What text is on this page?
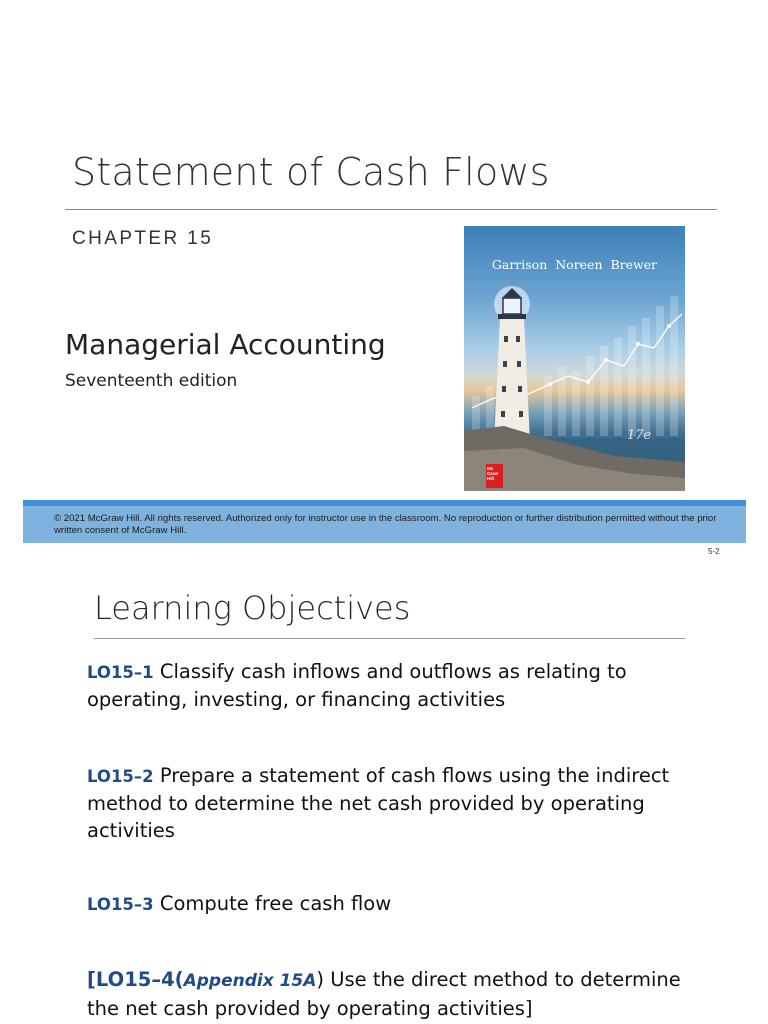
Statement of Cash Flows
CHAPTER 15
Managerial Accounting
Seventeenth edition
Garrison Noreen Brewer
17e
Mc Graw Hill
© 2021 McGraw Hill. All rights reserved. Authorized only for instructor use in the classroom. No reproduction or further distribution permitted without the prior written consent of McGraw Hill.
5-2
Learning Objectives
LO15–1 Classify cash inflows and outflows as relating to operating, investing, or financing activities
LO15–2 Prepare a statement of cash flows using the indirect method to determine the net cash provided by operating activities
LO15–3 Compute free cash flow
[LO15–4(Appendix 15A) Use the direct method to determine the net cash provided by operating activities]
